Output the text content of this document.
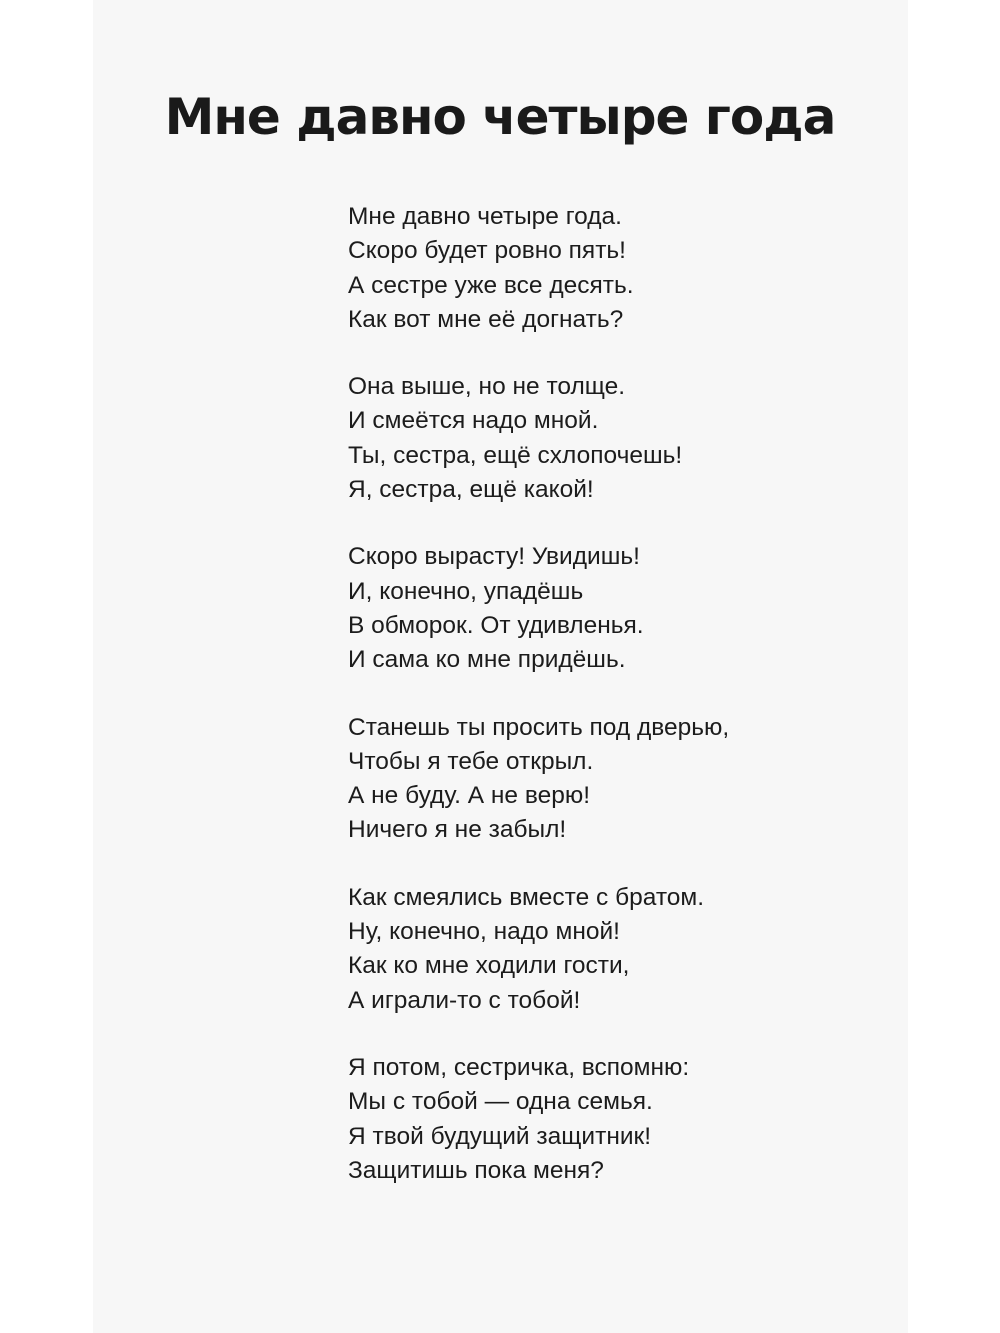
Мне давно четыре года
Мне давно четыре года.
Скоро будет ровно пять!
А сестре уже все десять.
Как вот мне её догнать?
Она выше, но не толще.
И смеётся надо мной.
Ты, сестра, ещё схлопочешь!
Я, сестра, ещё какой!
Скоро вырасту! Увидишь!
И, конечно, упадёшь
В обморок. От удивленья.
И сама ко мне придёшь.
Станешь ты просить под дверью,
Чтобы я тебе открыл.
А не буду. А не верю!
Ничего я не забыл!
Как смеялись вместе с братом.
Ну, конечно, надо мной!
Как ко мне ходили гости,
А играли-то с тобой!
Я потом, сестричка, вспомню:
Мы с тобой — одна семья.
Я твой будущий защитник!
Защитишь пока меня?
